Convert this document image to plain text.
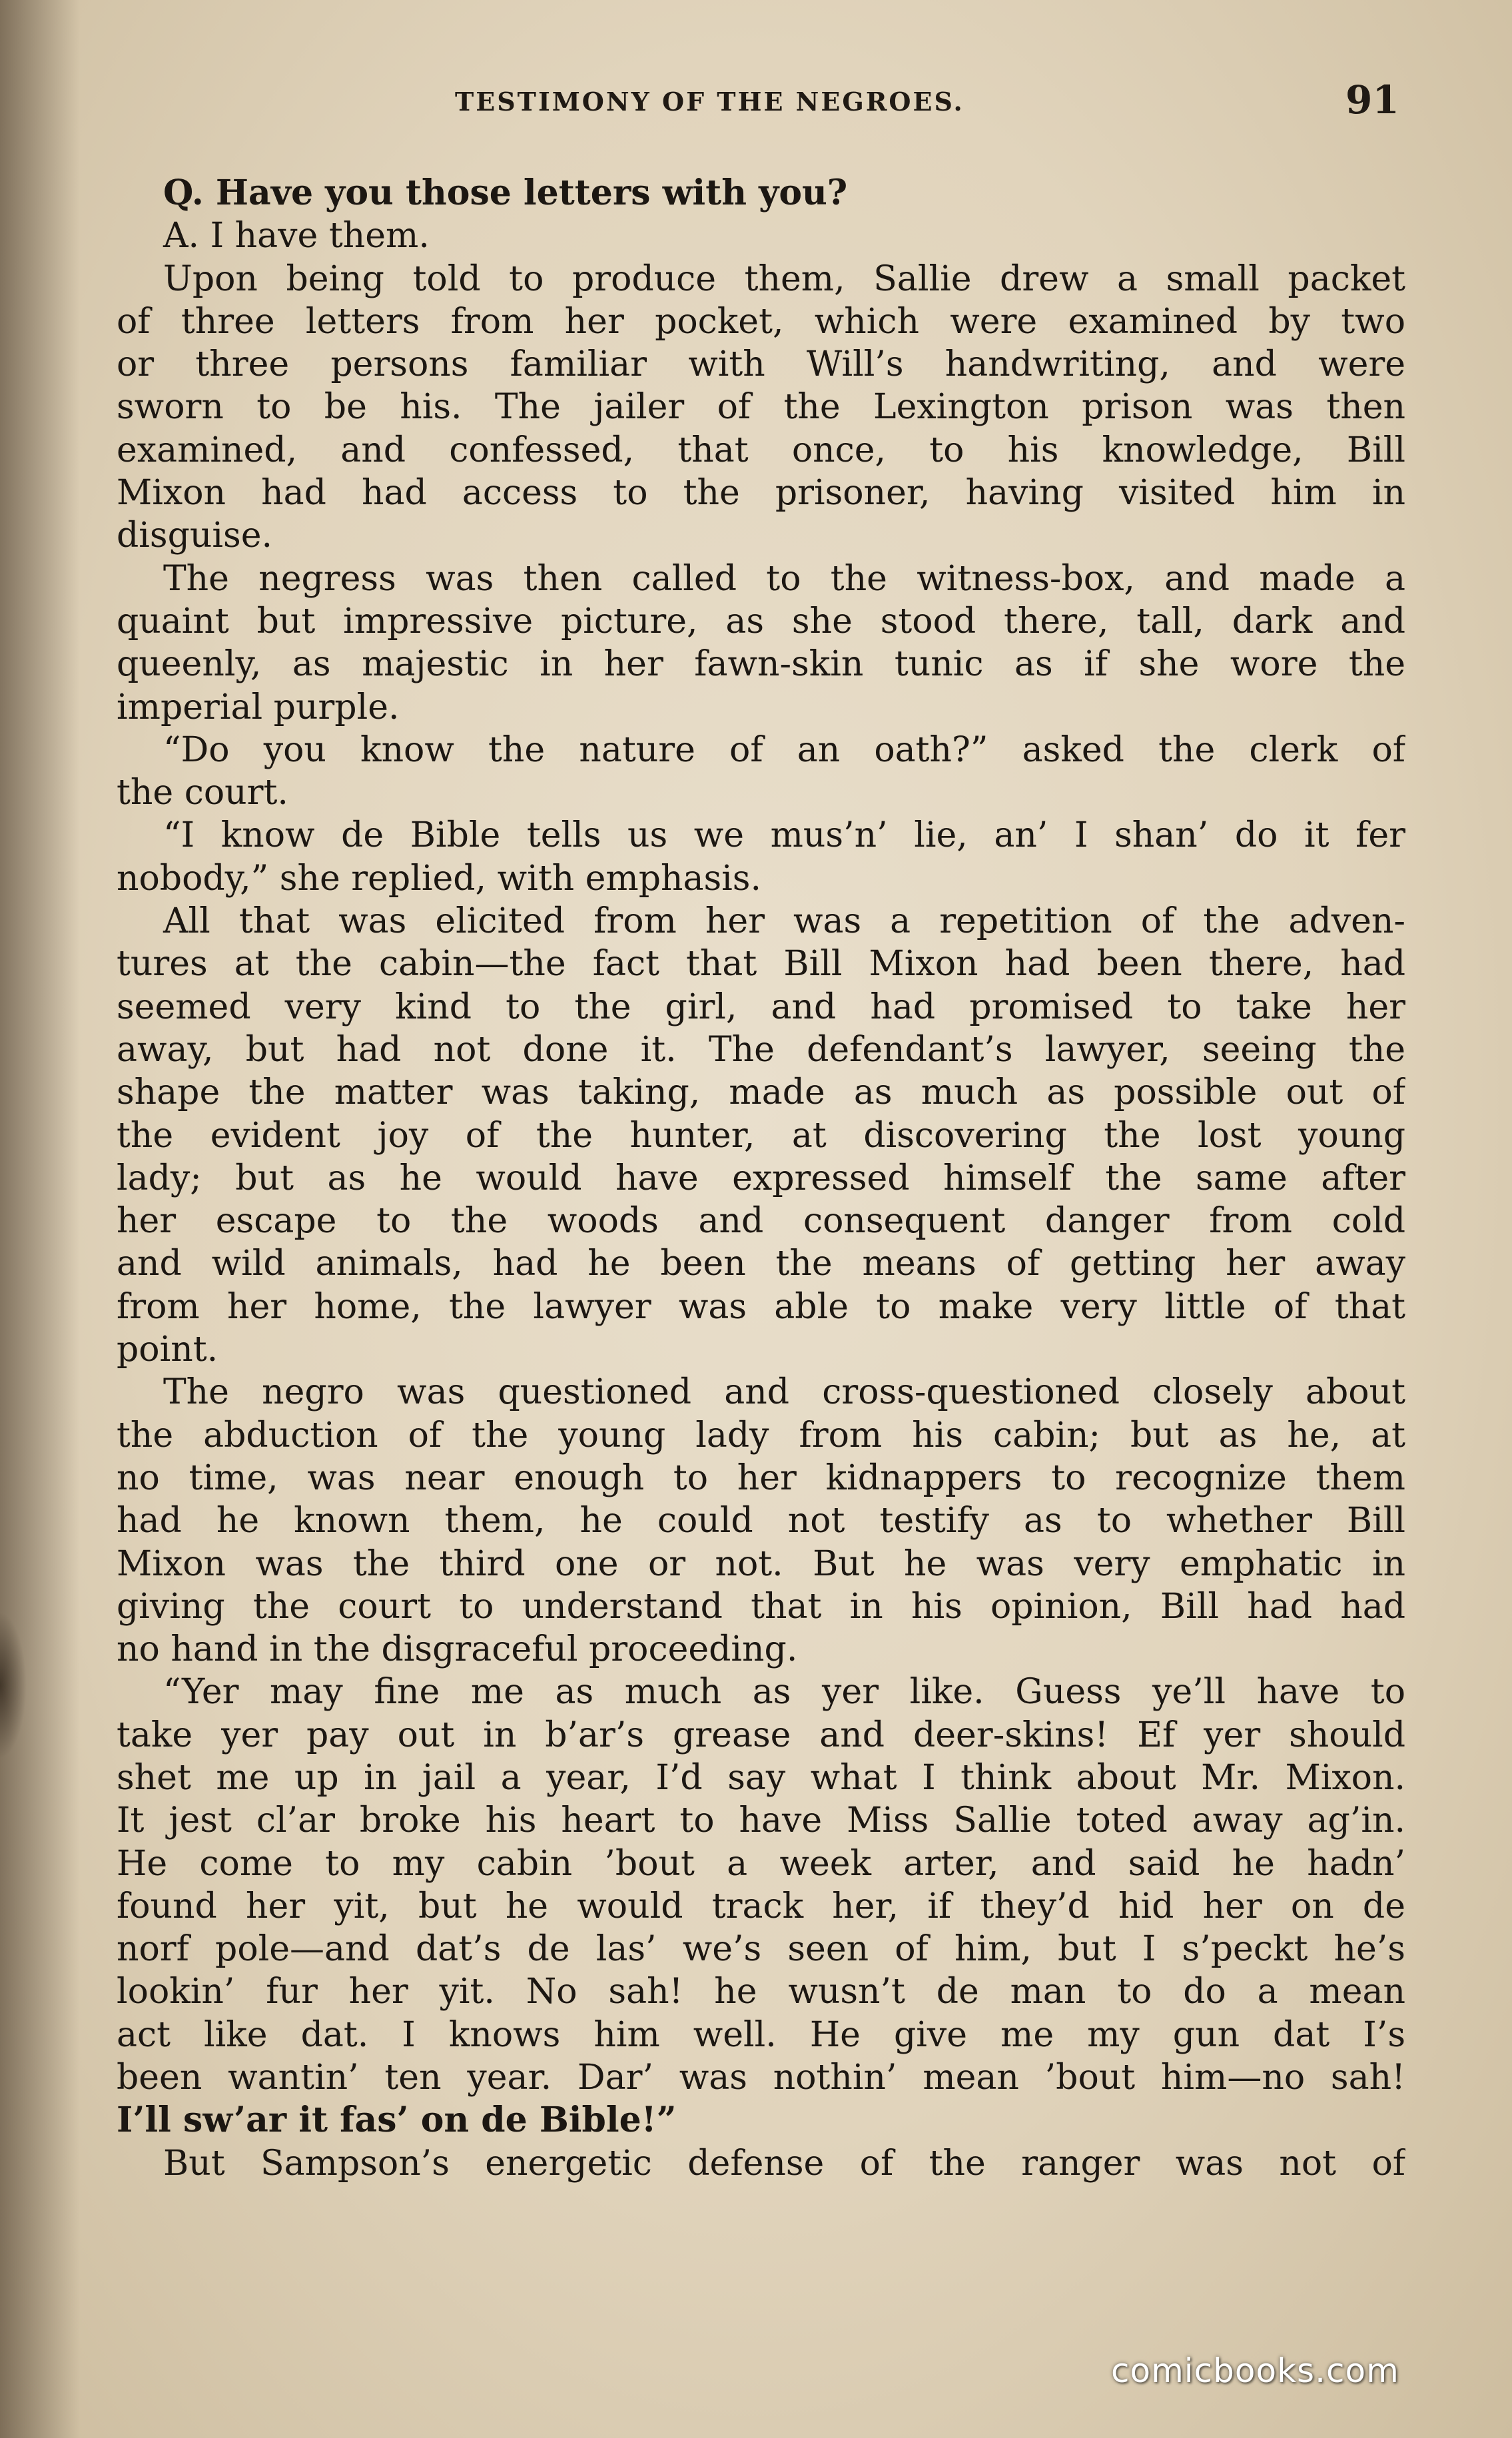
TESTIMONY OF THE NEGROES.	91
Q. Have you those letters with you?
A. I have them.
Upon being told to produce them, Sallie drew a small packet
of three letters from her pocket, which were examined by two
or three persons familiar with Will’s handwriting, and were
sworn to be his. The jailer of the Lexington prison was then
examined, and confessed, that once, to his knowledge, Bill
Mixon had had access to the prisoner, having visited him in
disguise.
The negress was then called to the witness-box, and made a
quaint but impressive picture, as she stood there, tall, dark and
queenly, as majestic in her fawn-skin tunic as if she wore the
imperial purple.
“Do you know the nature of an oath?” asked the clerk of
the court.
“I know de Bible tells us we mus’n’ lie, an’ I shan’ do it fer
nobody,” she replied, with emphasis.
All that was elicited from her was a repetition of the adven-
tures at the cabin—the fact that Bill Mixon had been there, had
seemed very kind to the girl, and had promised to take her
away, but had not done it. The defendant’s lawyer, seeing the
shape the matter was taking, made as much as possible out of
the evident joy of the hunter, at discovering the lost young
lady; but as he would have expressed himself the same after
her escape to the woods and consequent danger from cold
and wild animals, had he been the means of getting her away
from her home, the lawyer was able to make very little of that
point.
The negro was questioned and cross-questioned closely about
the abduction of the young lady from his cabin; but as he, at
no time, was near enough to her kidnappers to recognize them
had he known them, he could not testify as to whether Bill
Mixon was the third one or not. But he was very emphatic in
giving the court to understand that in his opinion, Bill had had
no hand in the disgraceful proceeding.
“Yer may fine me as much as yer like. Guess ye’ll have to
take yer pay out in b’ar’s grease and deer-skins! Ef yer should
shet me up in jail a year, I’d say what I think about Mr. Mixon.
It jest cl’ar broke his heart to have Miss Sallie toted away ag’in.
He come to my cabin ’bout a week arter, and said he hadn’
found her yit, but he would track her, if they’d hid her on de
norf pole—and dat’s de las’ we’s seen of him, but I s’peckt he’s
lookin’ fur her yit. No sah! he wusn’t de man to do a mean
act like dat. I knows him well. He give me my gun dat I’s
been wantin’ ten year. Dar’ was nothin’ mean ’bout him—no sah!
I’ll sw’ar it fas’ on de Bible!”
But Sampson’s energetic defense of the ranger was not of
comicbooks.com
